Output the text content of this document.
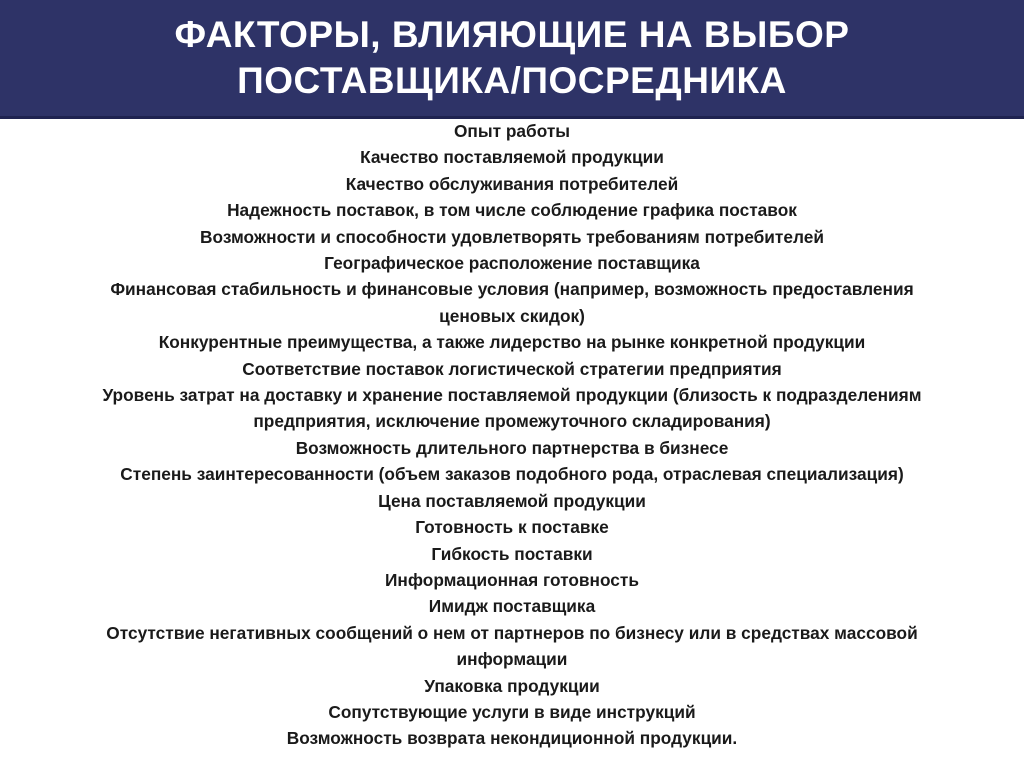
ФАКТОРЫ, ВЛИЯЮЩИЕ НА ВЫБОР
ПОСТАВЩИКА/ПОСРЕДНИКА
Опыт работы
Качество поставляемой продукции
Качество обслуживания потребителей
Надежность поставок, в том числе соблюдение графика поставок
Возможности и способности удовлетворять требованиям потребителей
Географическое расположение поставщика
Финансовая стабильность и финансовые условия (например, возможность предоставления
ценовых скидок)
Конкурентные преимущества, а также лидерство на рынке конкретной продукции
Соответствие поставок логистической стратегии предприятия
Уровень затрат на доставку и хранение поставляемой продукции (близость к подразделениям
предприятия, исключение промежуточного складирования)
Возможность длительного партнерства в бизнесе
Степень заинтересованности (объем заказов подобного рода, отраслевая специализация)
Цена поставляемой продукции
Готовность к поставке
Гибкость поставки
Информационная готовность
Имидж поставщика
Отсутствие негативных сообщений о нем от партнеров по бизнесу или в средствах массовой
информации
Упаковка продукции
Сопутствующие услуги в виде инструкций
Возможность возврата некондиционной продукции.
